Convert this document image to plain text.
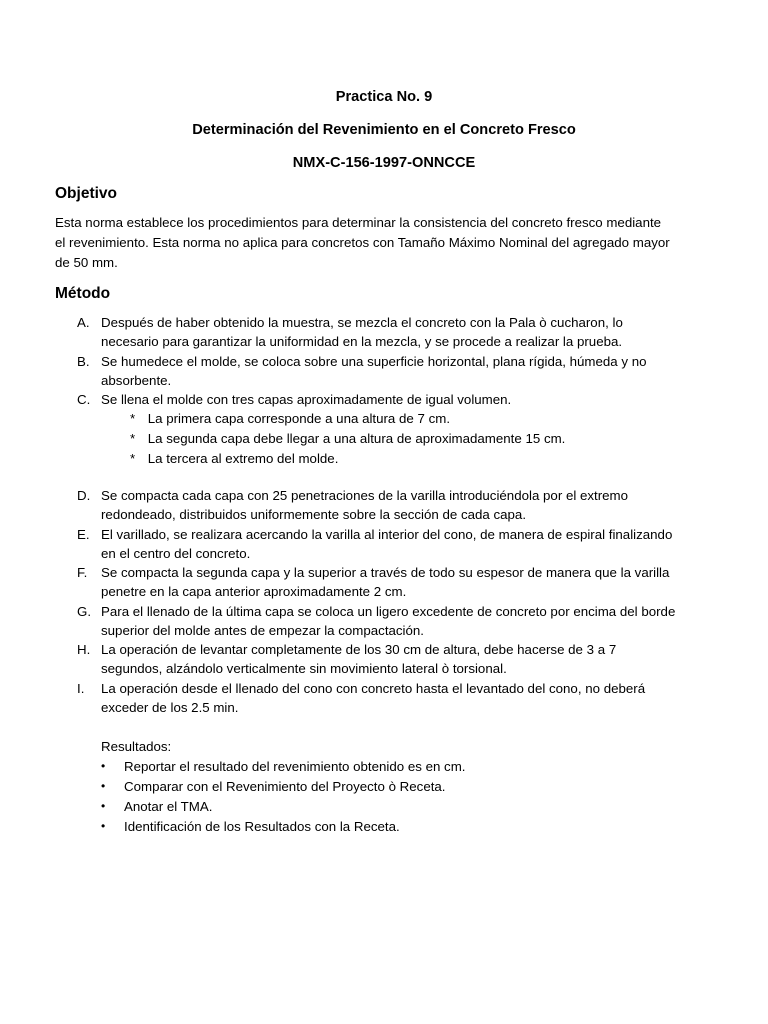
Practica No. 9
Determinación del Revenimiento en el Concreto Fresco
NMX-C-156-1997-ONNCCE
Objetivo
Esta norma establece los procedimientos para determinar la consistencia del concreto fresco mediante
el revenimiento. Esta norma no aplica para concretos con Tamaño Máximo Nominal del agregado mayor
de 50 mm.
Método
A. Después de haber obtenido la muestra, se mezcla el concreto con la Pala ò cucharon, lo
necesario para garantizar la uniformidad en la mezcla, y se procede a realizar la prueba.
B. Se humedece el molde, se coloca sobre una superficie horizontal, plana rígida, húmeda y no
absorbente.
C. Se llena el molde con tres capas aproximadamente de igual volumen.
* La primera capa corresponde a una altura de 7 cm.
* La segunda capa debe llegar a una altura de aproximadamente 15 cm.
* La tercera al extremo del molde.
D. Se compacta cada capa con 25 penetraciones de la varilla introduciéndola por el extremo
redondeado, distribuidos uniformemente sobre la sección de cada capa.
E. El varillado, se realizara acercando la varilla al interior del cono, de manera de espiral finalizando
en el centro del concreto.
F. Se compacta la segunda capa y la superior a través de todo su espesor de manera que la varilla
penetre en la capa anterior aproximadamente 2 cm.
G. Para el llenado de la última capa se coloca un ligero excedente de concreto por encima del borde
superior del molde antes de empezar la compactación.
H. La operación de levantar completamente de los 30 cm de altura, debe hacerse de 3 a 7
segundos, alzándolo verticalmente sin movimiento lateral ò torsional.
I. La operación desde el llenado del cono con concreto hasta el levantado del cono, no deberá
exceder de los 2.5 min.
Resultados:
• Reportar el resultado del revenimiento obtenido es en cm.
• Comparar con el Revenimiento del Proyecto ò Receta.
• Anotar el TMA.
• Identificación de los Resultados con la Receta.
